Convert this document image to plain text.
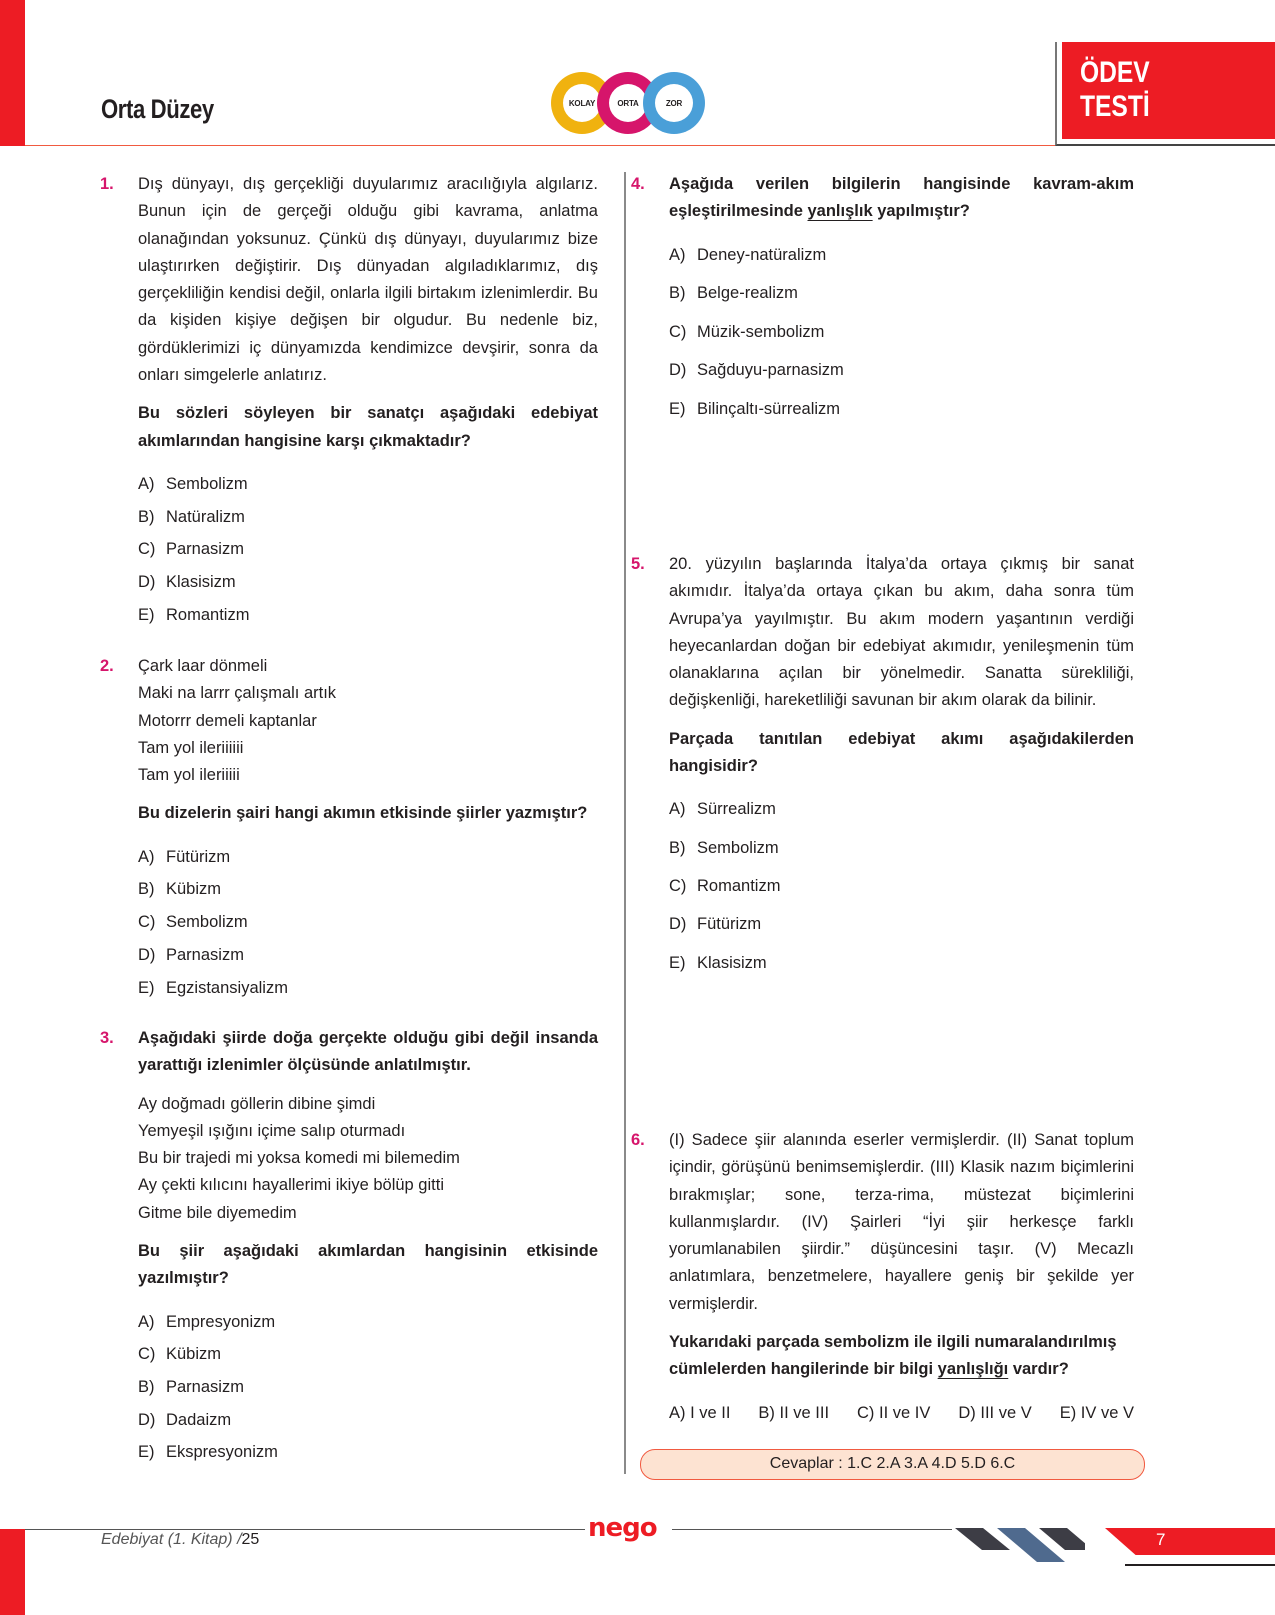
Orta Düzey	KOLAY	ORTA	ZOR
ÖDEV
TESTİ
1. Dış dünyayı, dış gerçekliği duyularımız aracılığıyla algılarız. Bunun için de gerçeği olduğu gibi kavrama, anlatma olanağından yoksunuz. Çünkü dış dünyayı, duyularımız bize ulaştırırken değiştirir. Dış dünyadan algıladıklarımız, dış gerçekliliğin kendisi değil, onlarla ilgili birtakım izlenimlerdir. Bu da kişiden kişiye değişen bir olgudur. Bu nedenle biz, gördüklerimizi iç dünyamızda kendimizce devşirir, sonra da onları simgelerle anlatırız.
Bu sözleri söyleyen bir sanatçı aşağıdaki edebiyat akımlarından hangisine karşı çıkmaktadır?
A) Sembolizm
B) Natüralizm
C) Parnasizm
D) Klasisizm
E) Romantizm
2. Çark laar dönmeli
Maki na larrr çalışmalı artık
Motorrr demeli kaptanlar
Tam yol ileriiiiii
Tam yol ileriiiii
Bu dizelerin şairi hangi akımın etkisinde şiirler yazmıştır?
A) Fütürizm
B) Kübizm
C) Sembolizm
D) Parnasizm
E) Egzistansiyalizm
3. Aşağıdaki şiirde doğa gerçekte olduğu gibi değil insanda yarattığı izlenimler ölçüsünde anlatılmıştır.
Ay doğmadı göllerin dibine şimdi
Yemyeşil ışığını içime salıp oturmadı
Bu bir trajedi mi yoksa komedi mi bilemedim
Ay çekti kılıcını hayallerimi ikiye bölüp gitti
Gitme bile diyemedim
Bu şiir aşağıdaki akımlardan hangisinin etkisinde yazılmıştır?
A) Empresyonizm
C) Kübizm
B) Parnasizm
D) Dadaizm
E) Ekspresyonizm
4. Aşağıda verilen bilgilerin hangisinde kavram-akım eşleştirilmesinde yanlışlık yapılmıştır?
A) Deney-natüralizm
B) Belge-realizm
C) Müzik-sembolizm
D) Sağduyu-parnasizm
E) Bilinçaltı-sürrealizm
5. 20. yüzyılın başlarında İtalya’da ortaya çıkmış bir sanat akımıdır. İtalya’da ortaya çıkan bu akım, daha sonra tüm Avrupa’ya yayılmıştır. Bu akım modern yaşantının verdiği heyecanlardan doğan bir edebiyat akımıdır, yenileşmenin tüm olanaklarına açılan bir yönelmedir. Sanatta sürekliliği, değişkenliği, hareketliliği savunan bir akım olarak da bilinir.
Parçada tanıtılan edebiyat akımı aşağıdakilerden hangisidir?
A) Sürrealizm
B) Sembolizm
C) Romantizm
D) Fütürizm
E) Klasisizm
6. (I) Sadece şiir alanında eserler vermişlerdir. (II) Sanat toplum içindir, görüşünü benimsemişlerdir. (III) Klasik nazım biçimlerini bırakmışlar; sone, terza-rima, müstezat biçimlerini kullanmışlardır. (IV) Şairleri “İyi şiir herkesçe farklı yorumlanabilen şiirdir.” düşüncesini taşır. (V) Mecazlı anlatımlara, benzetmelere, hayallere geniş bir şekilde yer vermişlerdir.
Yukarıdaki parçada sembolizm ile ilgili numaralandırılmış cümlelerden hangilerinde bir bilgi yanlışlığı vardır?
A) I ve II B) II ve III C) II ve IV D) III ve V E) IV ve V
Cevaplar : 1.C 2.A 3.A 4.D 5.D 6.C
Edebiyat (1. Kitap) /25	nego	7
